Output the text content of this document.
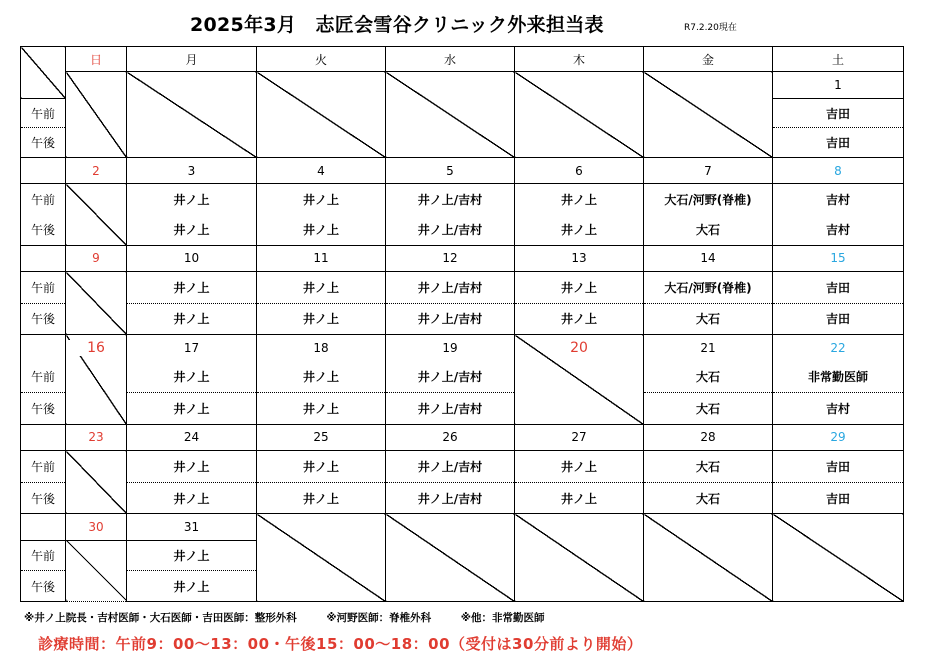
2025年3月　志匠会雪谷クリニック外来担当表	R7.2.20現在
	日	月	火	水	木	金	土
							1
午前							吉田
午後							吉田
	2	3	4	5	6	7	8
午前		井ノ上	井ノ上	井ノ上/吉村	井ノ上	大石/河野(脊椎)	吉村
午後		井ノ上	井ノ上	井ノ上/吉村	井ノ上	大石	吉村
	9	10	11	12	13	14	15
午前		井ノ上	井ノ上	井ノ上/吉村	井ノ上	大石/河野(脊椎)	吉田
午後		井ノ上	井ノ上	井ノ上/吉村	井ノ上	大石	吉田

	16	17	18	19	20	21	22
午前		井ノ上	井ノ上	井ノ上/吉村		大石	非常勤医師
午後		井ノ上	井ノ上	井ノ上/吉村		大石	吉村
	23	24	25	26	27	28	29
午前		井ノ上	井ノ上	井ノ上/吉村	井ノ上	大石	吉田
午後		井ノ上	井ノ上	井ノ上/吉村	井ノ上	大石	吉田
	30	31					
午前		井ノ上					
午後		井ノ上					
※井ノ上院長・吉村医師・大石医師・吉田医師：整形外科	※河野医師：脊椎外科	※他：非常勤医師
診療時間：午前9：00～13：00・午後15：00～18：00（受付は30分前より開始）
